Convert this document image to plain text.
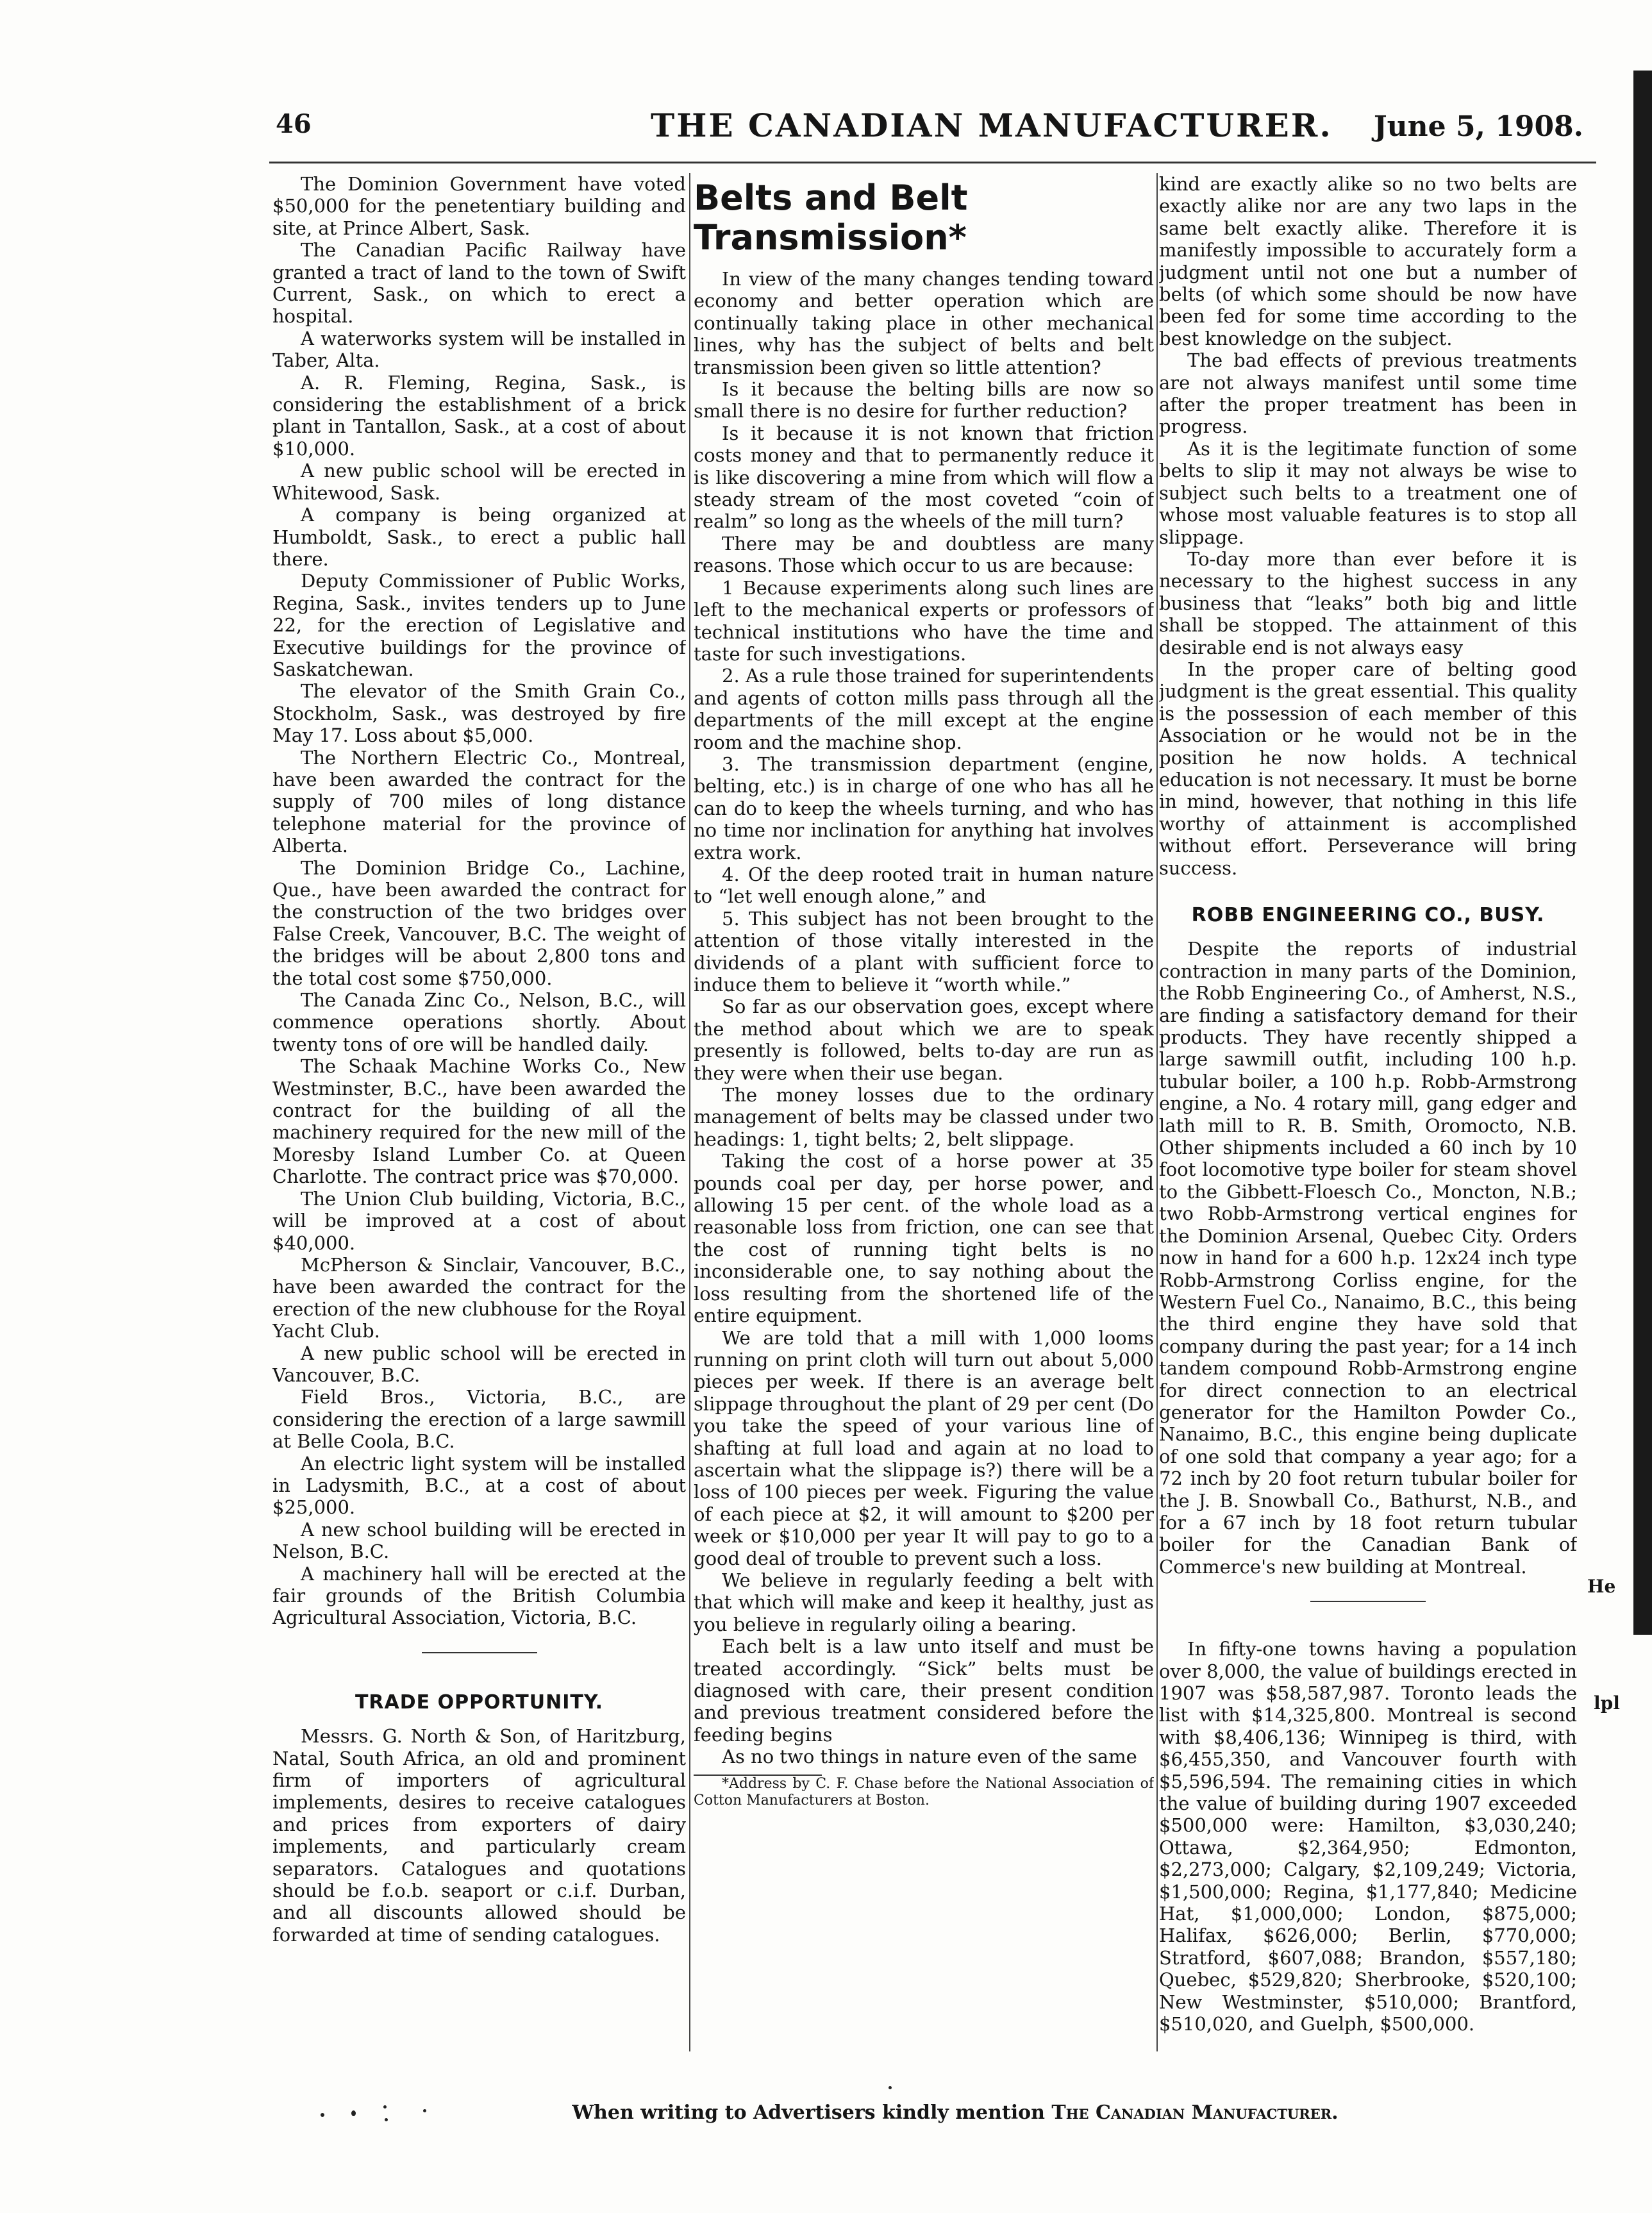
46	THE CANADIAN MANUFACTURER. June 5, 1908.

The Dominion Government have voted $50,000 for the penetentiary building and site, at Prince Albert, Sask.

The Canadian Pacific Railway have granted a tract of land to the town of Swift Current, Sask., on which to erect a hospital.

A waterworks system will be installed in Taber, Alta.

A. R. Fleming, Regina, Sask., is considering the establishment of a brick plant in Tantallon, Sask., at a cost of about $10,000.

A new public school will be erected in Whitewood, Sask.

A company is being organized at Humboldt, Sask., to erect a public hall there.

Deputy Commissioner of Public Works, Regina, Sask., invites tenders up to June 22, for the erection of Legislative and Executive buildings for the province of Saskatchewan.

The elevator of the Smith Grain Co., Stockholm, Sask., was destroyed by fire May 17. Loss about $5,000.

The Northern Electric Co., Montreal, have been awarded the contract for the supply of 700 miles of long distance telephone material for the province of Alberta.

The Dominion Bridge Co., Lachine, Que., have been awarded the contract for the construction of the two bridges over False Creek, Vancouver, B.C. The weight of the bridges will be about 2,800 tons and the total cost some $750,000.

The Canada Zinc Co., Nelson, B.C., will commence operations shortly. About twenty tons of ore will be handled daily.

The Schaak Machine Works Co., New Westminster, B.C., have been awarded the contract for the building of all the machinery required for the new mill of the Moresby Island Lumber Co. at Queen Charlotte. The contract price was $70,000.

The Union Club building, Victoria, B.C., will be improved at a cost of about $40,000.

McPherson & Sinclair, Vancouver, B.C., have been awarded the contract for the erection of the new clubhouse for the Royal Yacht Club.

A new public school will be erected in Vancouver, B.C.

Field Bros., Victoria, B.C., are considering the erection of a large sawmill at Belle Coola, B.C.

An electric light system will be installed in Ladysmith, B.C., at a cost of about $25,000.

A new school building will be erected in Nelson, B.C.

A machinery hall will be erected at the fair grounds of the British Columbia Agricultural Association, Victoria, B.C.

TRADE OPPORTUNITY.

Messrs. G. North & Son, of Haritzburg, Natal, South Africa, an old and prominent firm of importers of agricultural implements, desires to receive catalogues and prices from exporters of dairy implements, and particularly cream separators. Catalogues and quotations should be f.o.b. seaport or c.i.f. Durban, and all discounts allowed should be forwarded at time of sending catalogues.

Belts and Belt Transmission*

In view of the many changes tending toward economy and better operation which are continually taking place in other mechanical lines, why has the subject of belts and belt transmission been given so little attention?

Is it because the belting bills are now so small there is no desire for further reduction?

Is it because it is not known that friction costs money and that to permanently reduce it is like discovering a mine from which will flow a steady stream of the most coveted “coin of realm” so long as the wheels of the mill turn?

There may be and doubtless are many reasons. Those which occur to us are because:

1 Because experiments along such lines are left to the mechanical experts or professors of technical institutions who have the time and taste for such investigations.

2. As a rule those trained for superintendents and agents of cotton mills pass through all the departments of the mill except at the engine room and the machine shop.

3. The transmission department (engine, belting, etc.) is in charge of one who has all he can do to keep the wheels turning, and who has no time nor inclination for anything hat involves extra work.

4. Of the deep rooted trait in human nature to “let well enough alone,” and

5. This subject has not been brought to the attention of those vitally interested in the dividends of a plant with sufficient force to induce them to believe it “worth while.”

So far as our observation goes, except where the method about which we are to speak presently is followed, belts to-day are run as they were when their use began.

The money losses due to the ordinary management of belts may be classed under two headings: 1, tight belts; 2, belt slippage.

Taking the cost of a horse power at 35 pounds coal per day, per horse power, and allowing 15 per cent. of the whole load as a reasonable loss from friction, one can see that the cost of running tight belts is no inconsiderable one, to say nothing about the loss resulting from the shortened life of the entire equipment.

We are told that a mill with 1,000 looms running on print cloth will turn out about 5,000 pieces per week. If there is an average belt slippage throughout the plant of 29 per cent (Do you take the speed of your various line of shafting at full load and again at no load to ascertain what the slippage is?) there will be a loss of 100 pieces per week. Figuring the value of each piece at $2, it will amount to $200 per week or $10,000 per year It will pay to go to a good deal of trouble to prevent such a loss.

We believe in regularly feeding a belt with that which will make and keep it healthy, just as you believe in regularly oiling a bearing.

Each belt is a law unto itself and must be treated accordingly. “Sick” belts must be diagnosed with care, their present condition and previous treatment considered before the feeding begins

As no two things in nature even of the same

*Address by C. F. Chase before the National Association of Cotton Manufacturers at Boston.

kind are exactly alike so no two belts are exactly alike nor are any two laps in the same belt exactly alike. Therefore it is manifestly impossible to accurately form a judgment until not one but a number of belts (of which some should be now have been fed for some time according to the best knowledge on the subject.

The bad effects of previous treatments are not always manifest until some time after the proper treatment has been in progress.

As it is the legitimate function of some belts to slip it may not always be wise to subject such belts to a treatment one of whose most valuable features is to stop all slippage.

To-day more than ever before it is necessary to the highest success in any business that “leaks” both big and little shall be stopped. The attainment of this desirable end is not always easy

In the proper care of belting good judgment is the great essential. This quality is the possession of each member of this Association or he would not be in the position he now holds. A technical education is not necessary. It must be borne in mind, however, that nothing in this life worthy of attainment is accomplished without effort. Perseverance will bring success.

ROBB ENGINEERING CO., BUSY.

Despite the reports of industrial contraction in many parts of the Dominion, the Robb Engineering Co., of Amherst, N.S., are finding a satisfactory demand for their products. They have recently shipped a large sawmill outfit, including 100 h.p. tubular boiler, a 100 h.p. Robb-Armstrong engine, a No. 4 rotary mill, gang edger and lath mill to R. B. Smith, Oromocto, N.B. Other shipments included a 60 inch by 10 foot locomotive type boiler for steam shovel to the Gibbett-Floesch Co., Moncton, N.B.; two Robb-Armstrong vertical engines for the Dominion Arsenal, Quebec City. Orders now in hand for a 600 h.p. 12x24 inch type Robb-Armstrong Corliss engine, for the Western Fuel Co., Nanaimo, B.C., this being the third engine they have sold that company during the past year; for a 14 inch tandem compound Robb-Armstrong engine for direct connection to an electrical generator for the Hamilton Powder Co., Nanaimo, B.C., this engine being duplicate of one sold that company a year ago; for a 72 inch by 20 foot return tubular boiler for the J. B. Snowball Co., Bathurst, N.B., and for a 67 inch by 18 foot return tubular boiler for the Canadian Bank of Commerce's new building at Montreal.

In fifty-one towns having a population over 8,000, the value of buildings erected in 1907 was $58,587,987. Toronto leads the list with $14,325,800. Montreal is second with $8,406,136; Winnipeg is third, with $6,455,350, and Vancouver fourth with $5,596,594. The remaining cities in which the value of building during 1907 exceeded $500,000 were: Hamilton, $3,030,240; Ottawa, $2,364,950; Edmonton, $2,273,000; Calgary, $2,109,249; Victoria, $1,500,000; Regina, $1,177,840; Medicine Hat, $1,000,000; London, $875,000; Halifax, $626,000; Berlin, $770,000; Stratford, $607,088; Brandon, $557,180; Quebec, $529,820; Sherbrooke, $520,100; New Westminster, $510,000; Brantford, $510,020, and Guelph, $500,000.

He
lpl
When writing to Advertisers kindly mention The Canadian Manufacturer.
